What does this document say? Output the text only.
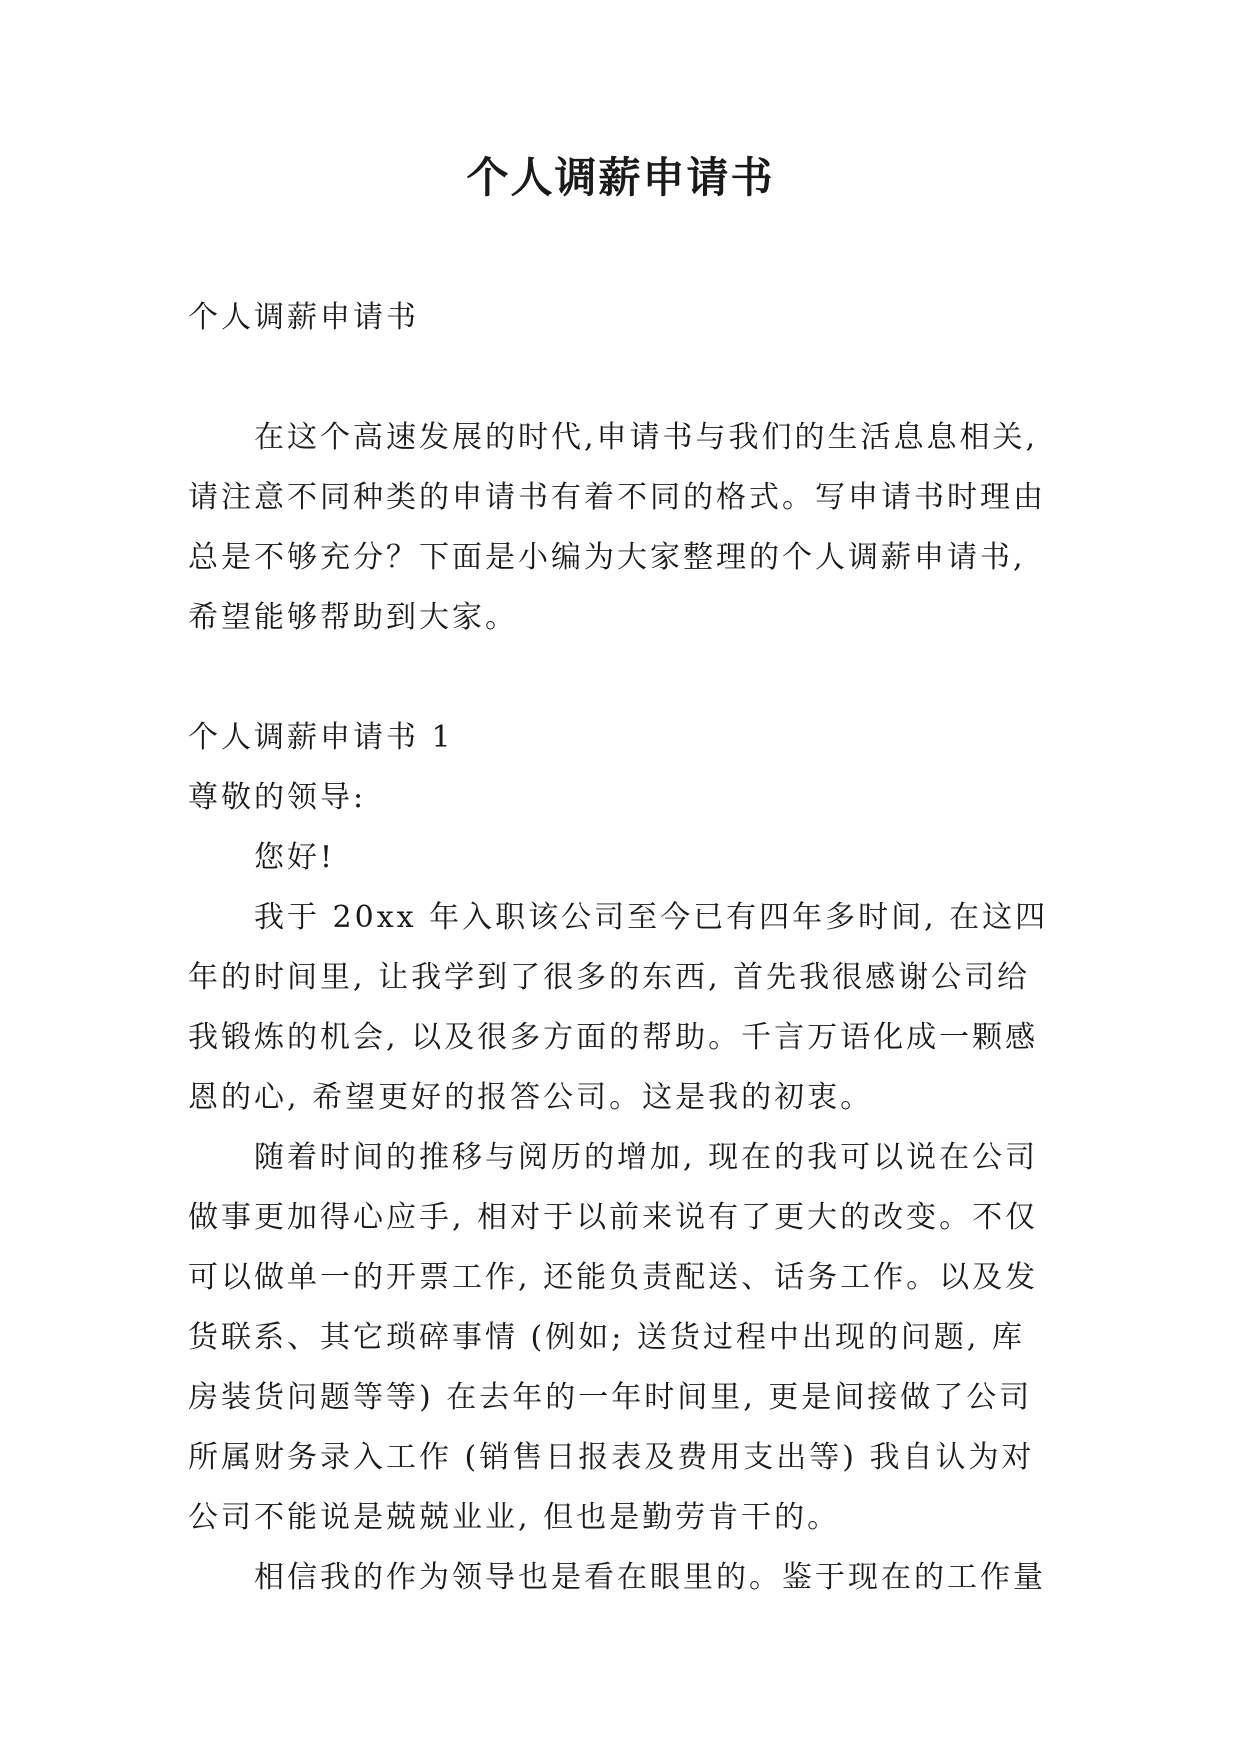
个人调薪申请书

个人调薪申请书

在这个高速发展的时代,申请书与我们的生活息息相关,

请注意不同种类的申请书有着不同的格式。写申请书时理由

总是不够充分？下面是小编为大家整理的个人调薪申请书,

希望能够帮助到大家。

个人调薪申请书 1

尊敬的领导:

您好!

我于 20xx 年入职该公司至今已有四年多时间, 在这四

年的时间里, 让我学到了很多的东西, 首先我很感谢公司给

我锻炼的机会, 以及很多方面的帮助。千言万语化成一颗感

恩的心, 希望更好的报答公司。这是我的初衷。

随着时间的推移与阅历的增加, 现在的我可以说在公司

做事更加得心应手, 相对于以前来说有了更大的改变。不仅

可以做单一的开票工作, 还能负责配送、话务工作。以及发

货联系、其它琐碎事情 (例如; 送货过程中出现的问题, 库

房装货问题等等) 在去年的一年时间里, 更是间接做了公司

所属财务录入工作 (销售日报表及费用支出等) 我自认为对

公司不能说是兢兢业业, 但也是勤劳肯干的。

相信我的作为领导也是看在眼里的。鉴于现在的工作量
